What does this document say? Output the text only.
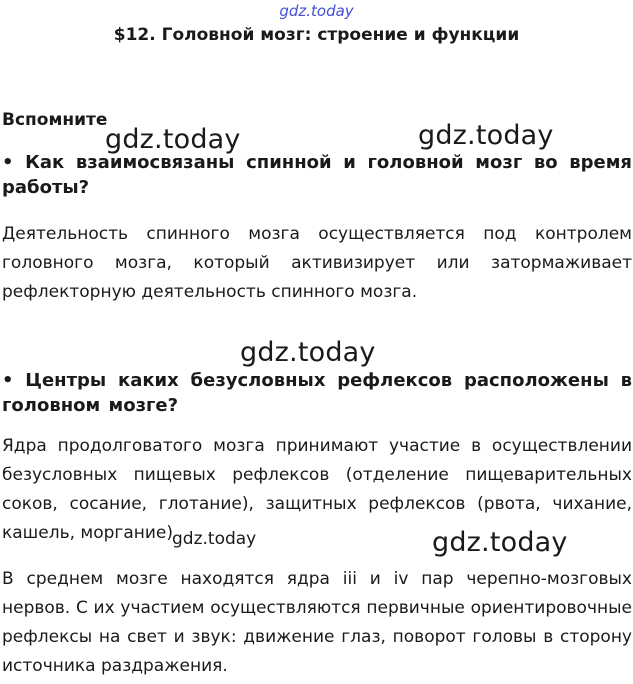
gdz.today
$12. Головной мозг: строение и функции
Вспомните
gdz.today	gdz.today
• Как взаимосвязаны спинной и головной мозг во время работы?
Деятельность спинного мозга осуществляется под контролем головного мозга, который активизирует или затормаживает рефлекторную деятельность спинного мозга.
gdz.today
• Центры каких безусловных рефлексов расположены в головном мозге?
Ядра продолговатого мозга принимают участие в осуществлении безусловных пищевых рефлексов (отделение пищеварительных соков, сосание, глотание), защитных рефлексов (рвота, чихание, кашель, моргание)
gdz.today	gdz.today
В среднем мозге находятся ядра iii и iv пар черепно-мозговых нервов. С их участием осуществляются первичные ориентировочные рефлексы на свет и звук: движение глаз, поворот головы в сторону источника раздражения.
